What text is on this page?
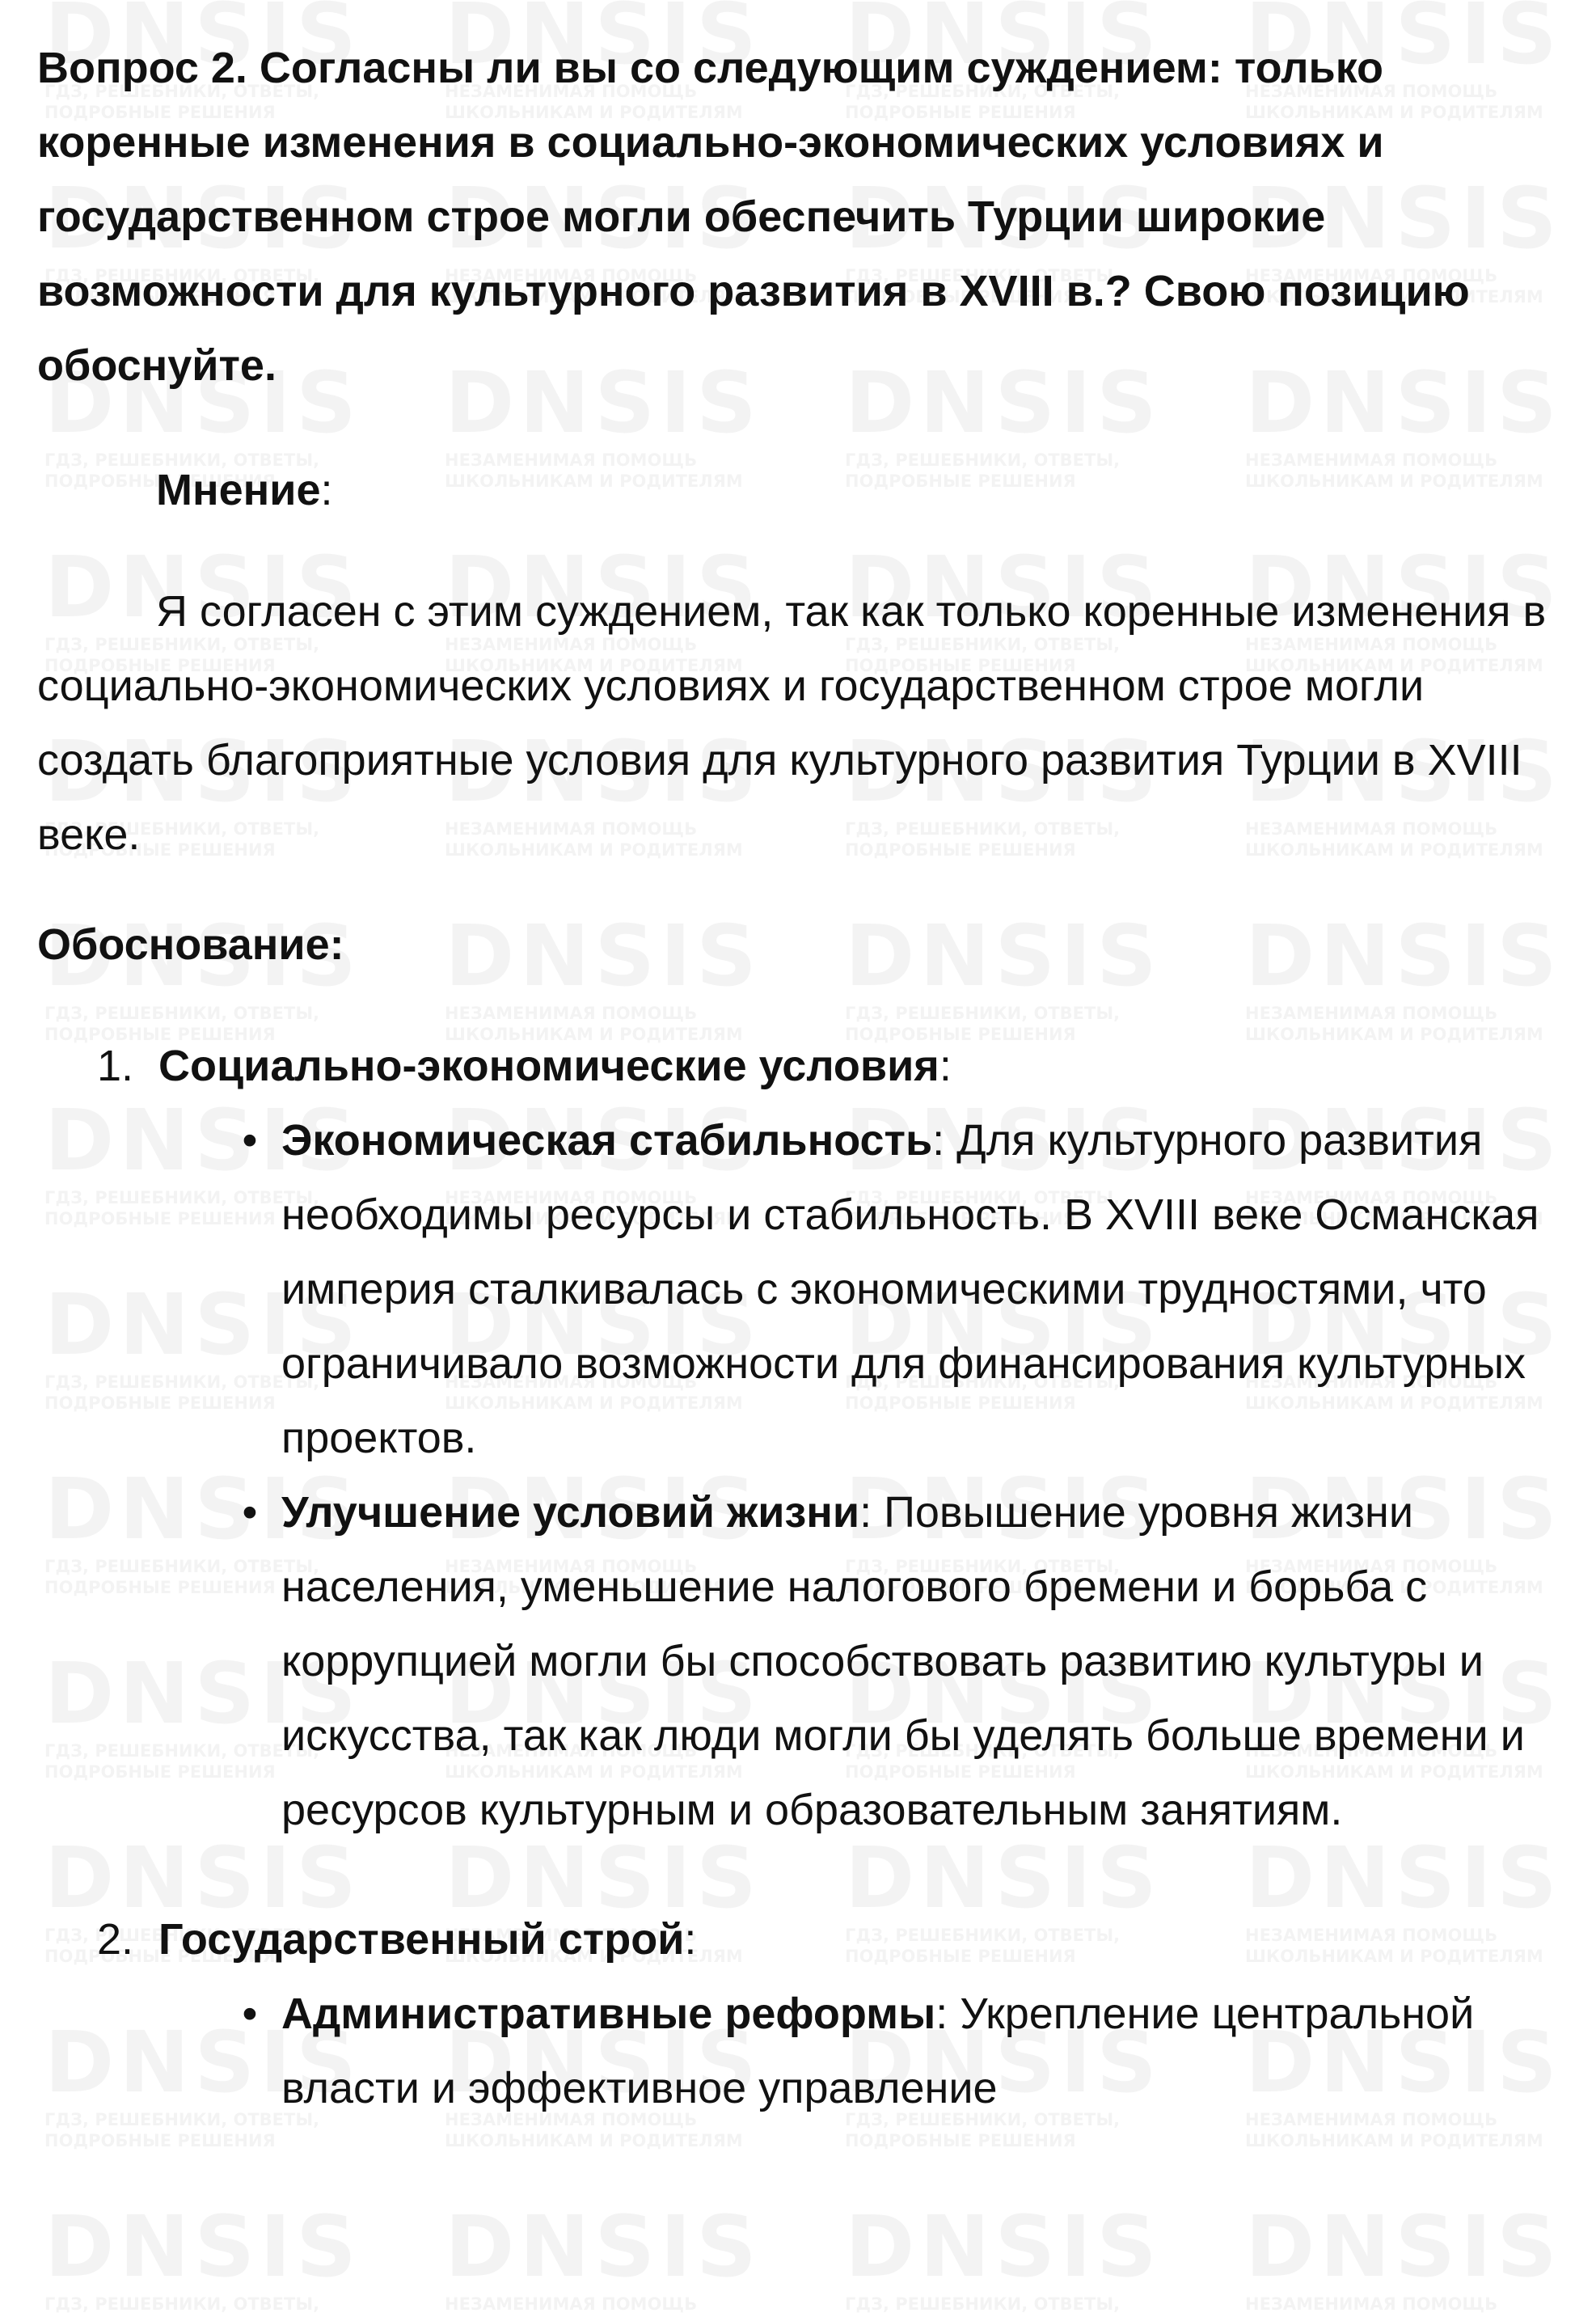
Вопрос 2. Согласны ли вы со следующим суждением: только коренные изменения в социально-экономических условиях и государственном строе могли обеспечить Турции широкие возможности для культурного развития в XVIII в.? Свою позицию обоснуйте.

Мнение:

Я согласен с этим суждением, так как только коренные изменения в социально-экономических условиях и государственном строе могли создать благоприятные условия для культурного развития Турции в XVIII веке.

Обоснование:

1. Социально-экономические условия:
• Экономическая стабильность: Для культурного развития необходимы ресурсы и стабильность. В XVIII веке Османская империя сталкивалась с экономическими трудностями, что ограничивало возможности для финансирования культурных проектов.
• Улучшение условий жизни: Повышение уровня жизни населения, уменьшение налогового бремени и борьба с коррупцией могли бы способствовать развитию культуры и искусства, так как люди могли бы уделять больше времени и ресурсов культурным и образовательным занятиям.
2. Государственный строй:
• Административные реформы: Укрепление центральной власти и эффективное управление
